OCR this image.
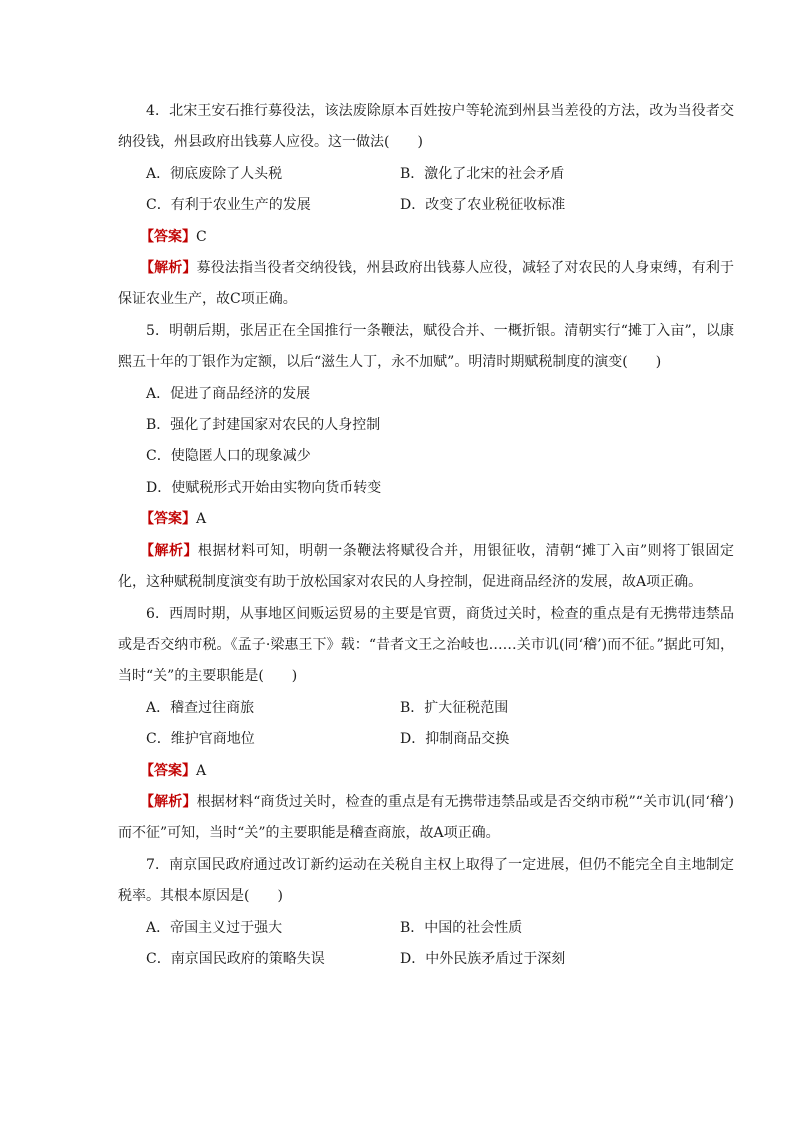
4．北宋王安石推行募役法，该法废除原本百姓按户等轮流到州县当差役的方法，改为当役者交纳役钱，州县政府出钱募人应役。这一做法(　　)

A．彻底废除了人头税	B．激化了北宋的社会矛盾
C．有利于农业生产的发展	D．改变了农业税征收标准
【答案】C

【解析】募役法指当役者交纳役钱，州县政府出钱募人应役，减轻了对农民的人身束缚，有利于保证农业生产，故C项正确。

5．明朝后期，张居正在全国推行一条鞭法，赋役合并、一概折银。清朝实行“摊丁入亩”，以康熙五十年的丁银作为定额，以后“滋生人丁，永不加赋”。明清时期赋税制度的演变(　　)

A．促进了商品经济的发展
B．强化了封建国家对农民的人身控制
C．使隐匿人口的现象减少
D．使赋税形式开始由实物向货币转变
【答案】A

【解析】根据材料可知，明朝一条鞭法将赋役合并，用银征收，清朝“摊丁入亩”则将丁银固定化，这种赋税制度演变有助于放松国家对农民的人身控制，促进商品经济的发展，故A项正确。

6．西周时期，从事地区间贩运贸易的主要是官贾，商货过关时，检查的重点是有无携带违禁品或是否交纳市税。《孟子·梁惠王下》载：“昔者文王之治岐也……关市讥(同‘稽’)而不征。”据此可知，当时“关”的主要职能是(　　)

A．稽查过往商旅	B．扩大征税范围
C．维护官商地位	D．抑制商品交换
【答案】A

【解析】根据材料“商货过关时，检查的重点是有无携带违禁品或是否交纳市税”“关市讥(同‘稽’)而不征”可知，当时“关”的主要职能是稽查商旅，故A项正确。

7．南京国民政府通过改订新约运动在关税自主权上取得了一定进展，但仍不能完全自主地制定税率。其根本原因是(　　)

A．帝国主义过于强大	B．中国的社会性质
C．南京国民政府的策略失误	D．中外民族矛盾过于深刻
